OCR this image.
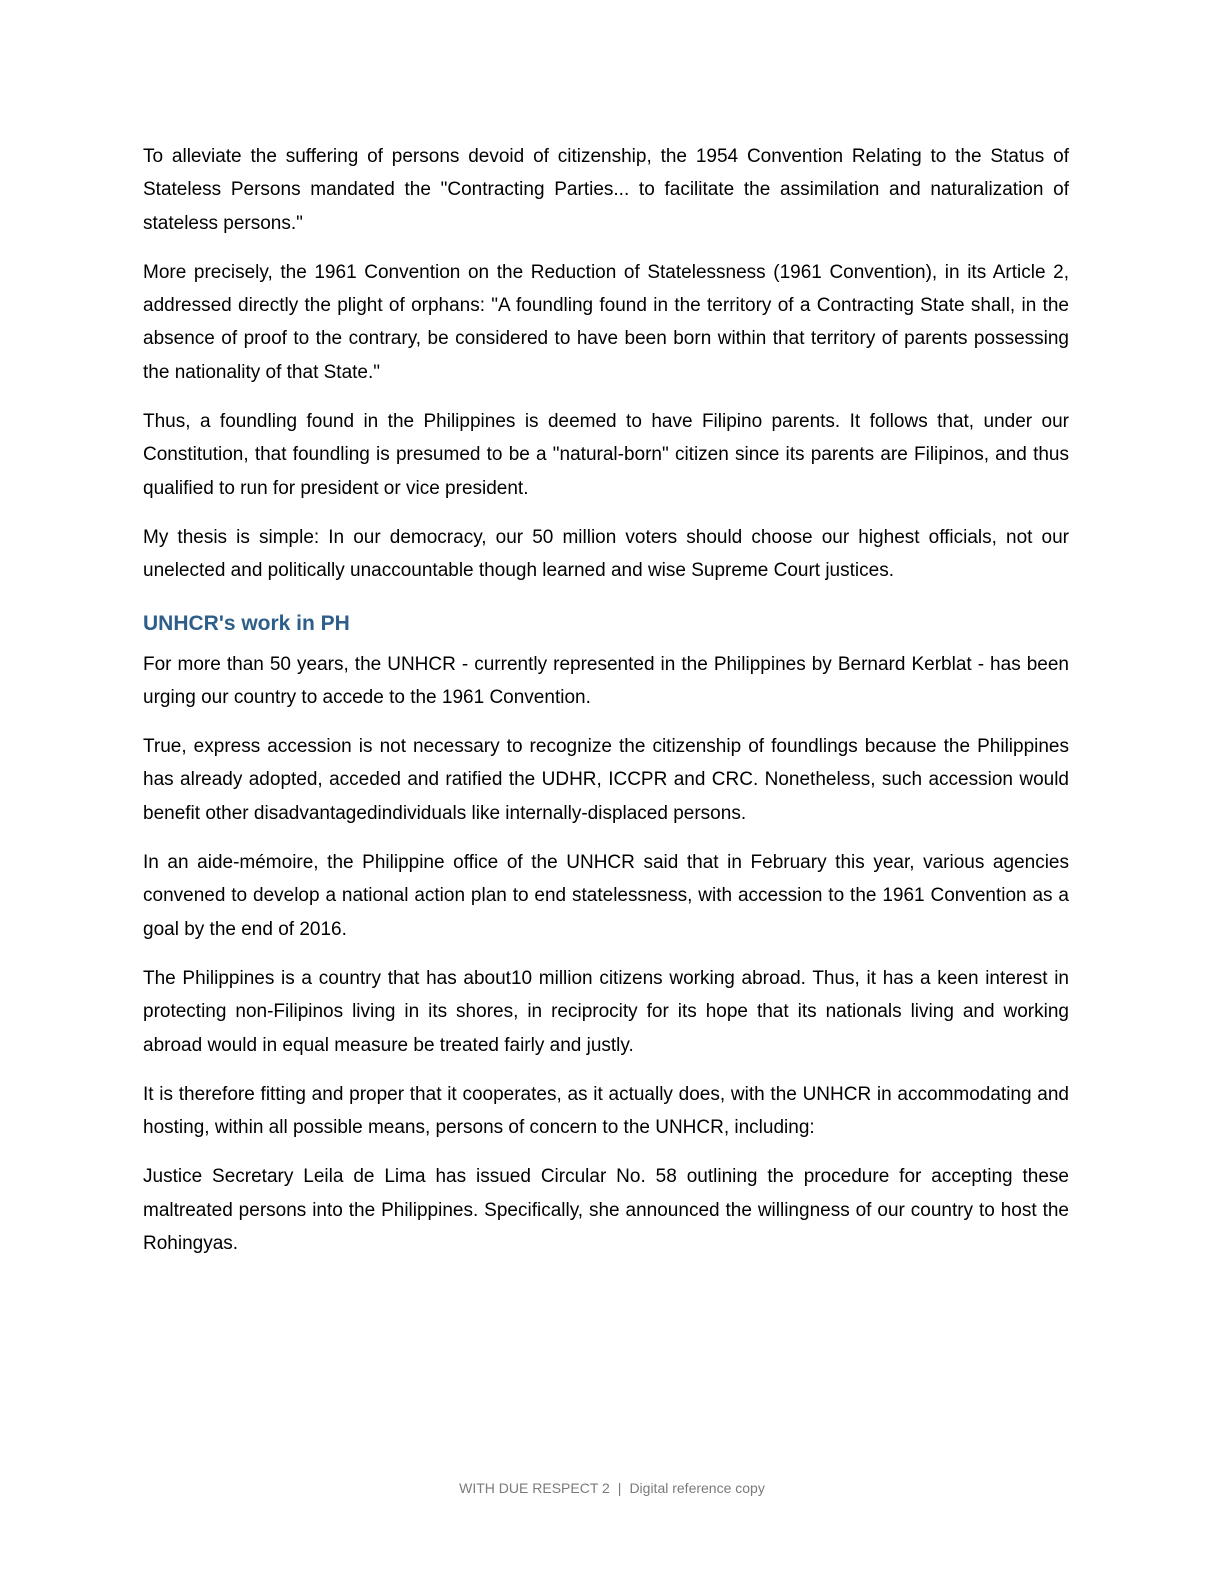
To alleviate the suffering of persons devoid of citizenship, the 1954 Convention Relating to the Status of Stateless Persons mandated the "Contracting Parties... to facilitate the assimilation and naturalization of stateless persons."

More precisely, the 1961 Convention on the Reduction of Statelessness (1961 Convention), in its Article 2, addressed directly the plight of orphans: "A foundling found in the territory of a Contracting State shall, in the absence of proof to the contrary, be considered to have been born within that territory of parents possessing the nationality of that State."

Thus, a foundling found in the Philippines is deemed to have Filipino parents. It follows that, under our Constitution, that foundling is presumed to be a "natural-born" citizen since its parents are Filipinos, and thus qualified to run for president or vice president.

My thesis is simple: In our democracy, our 50 million voters should choose our highest officials, not our unelected and politically unaccountable though learned and wise Supreme Court justices.

UNHCR's work in PH

For more than 50 years, the UNHCR - currently represented in the Philippines by Bernard Kerblat - has been urging our country to accede to the 1961 Convention.

True, express accession is not necessary to recognize the citizenship of foundlings because the Philippines has already adopted, acceded and ratified the UDHR, ICCPR and CRC. Nonetheless, such accession would benefit other disadvantagedindividuals like internally-displaced persons.

In an aide-mémoire, the Philippine office of the UNHCR said that in February this year, various agencies convened to develop a national action plan to end statelessness, with accession to the 1961 Convention as a goal by the end of 2016.

The Philippines is a country that has about10 million citizens working abroad. Thus, it has a keen interest in protecting non-Filipinos living in its shores, in reciprocity for its hope that its nationals living and working abroad would in equal measure be treated fairly and justly.

It is therefore fitting and proper that it cooperates, as it actually does, with the UNHCR in accommodating and hosting, within all possible means, persons of concern to the UNHCR, including:

Justice Secretary Leila de Lima has issued Circular No. 58 outlining the procedure for accepting these maltreated persons into the Philippines. Specifically, she announced the willingness of our country to host the Rohingyas.

WITH DUE RESPECT 2 | Digital reference copy
